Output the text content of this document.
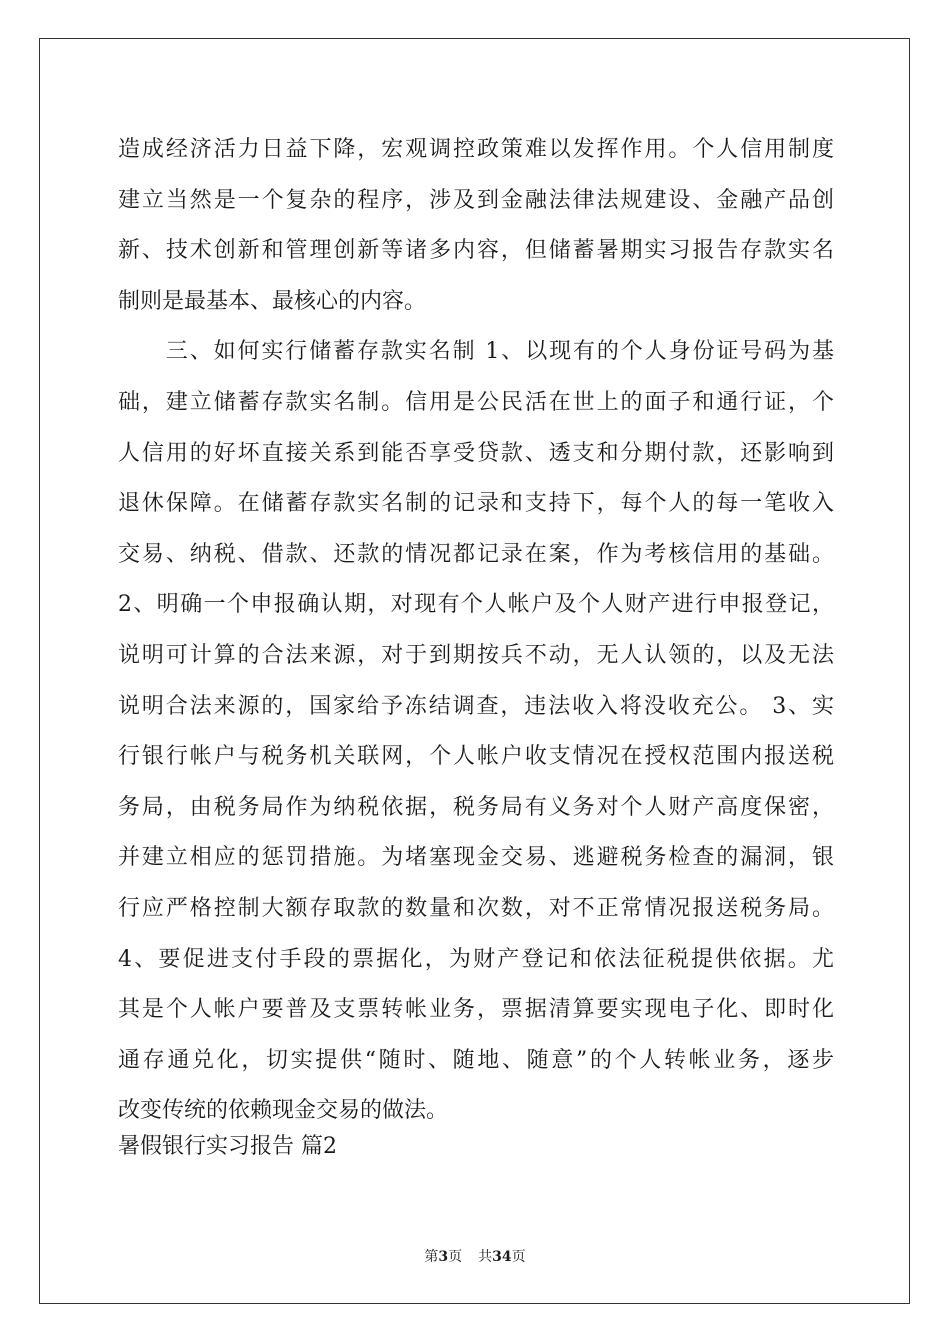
造成经济活力日益下降，宏观调控政策难以发挥作用。个人信用制度
建立当然是一个复杂的程序，涉及到金融法律法规建设、金融产品创
新、技术创新和管理创新等诸多内容，但储蓄暑期实习报告存款实名
制则是最基本、最核心的内容。
　　三、如何实行储蓄存款实名制 1、以现有的个人身份证号码为基
础，建立储蓄存款实名制。信用是公民活在世上的面子和通行证，个
人信用的好坏直接关系到能否享受贷款、透支和分期付款，还影响到
退休保障。在储蓄存款实名制的记录和支持下，每个人的每一笔收入
交易、纳税、借款、还款的情况都记录在案，作为考核信用的基础。
2、明确一个申报确认期，对现有个人帐户及个人财产进行申报登记，
说明可计算的合法来源，对于到期按兵不动，无人认领的，以及无法
说明合法来源的，国家给予冻结调查，违法收入将没收充公。 3、实
行银行帐户与税务机关联网，个人帐户收支情况在授权范围内报送税
务局，由税务局作为纳税依据，税务局有义务对个人财产高度保密，
并建立相应的惩罚措施。为堵塞现金交易、逃避税务检查的漏洞，银
行应严格控制大额存取款的数量和次数，对不正常情况报送税务局。
4、要促进支付手段的票据化，为财产登记和依法征税提供依据。尤
其是个人帐户要普及支票转帐业务，票据清算要实现电子化、即时化
通存通兑化，切实提供“随时、随地、随意”的个人转帐业务，逐步
改变传统的依赖现金交易的做法。
暑假银行实习报告 篇2
第3页 共34页
